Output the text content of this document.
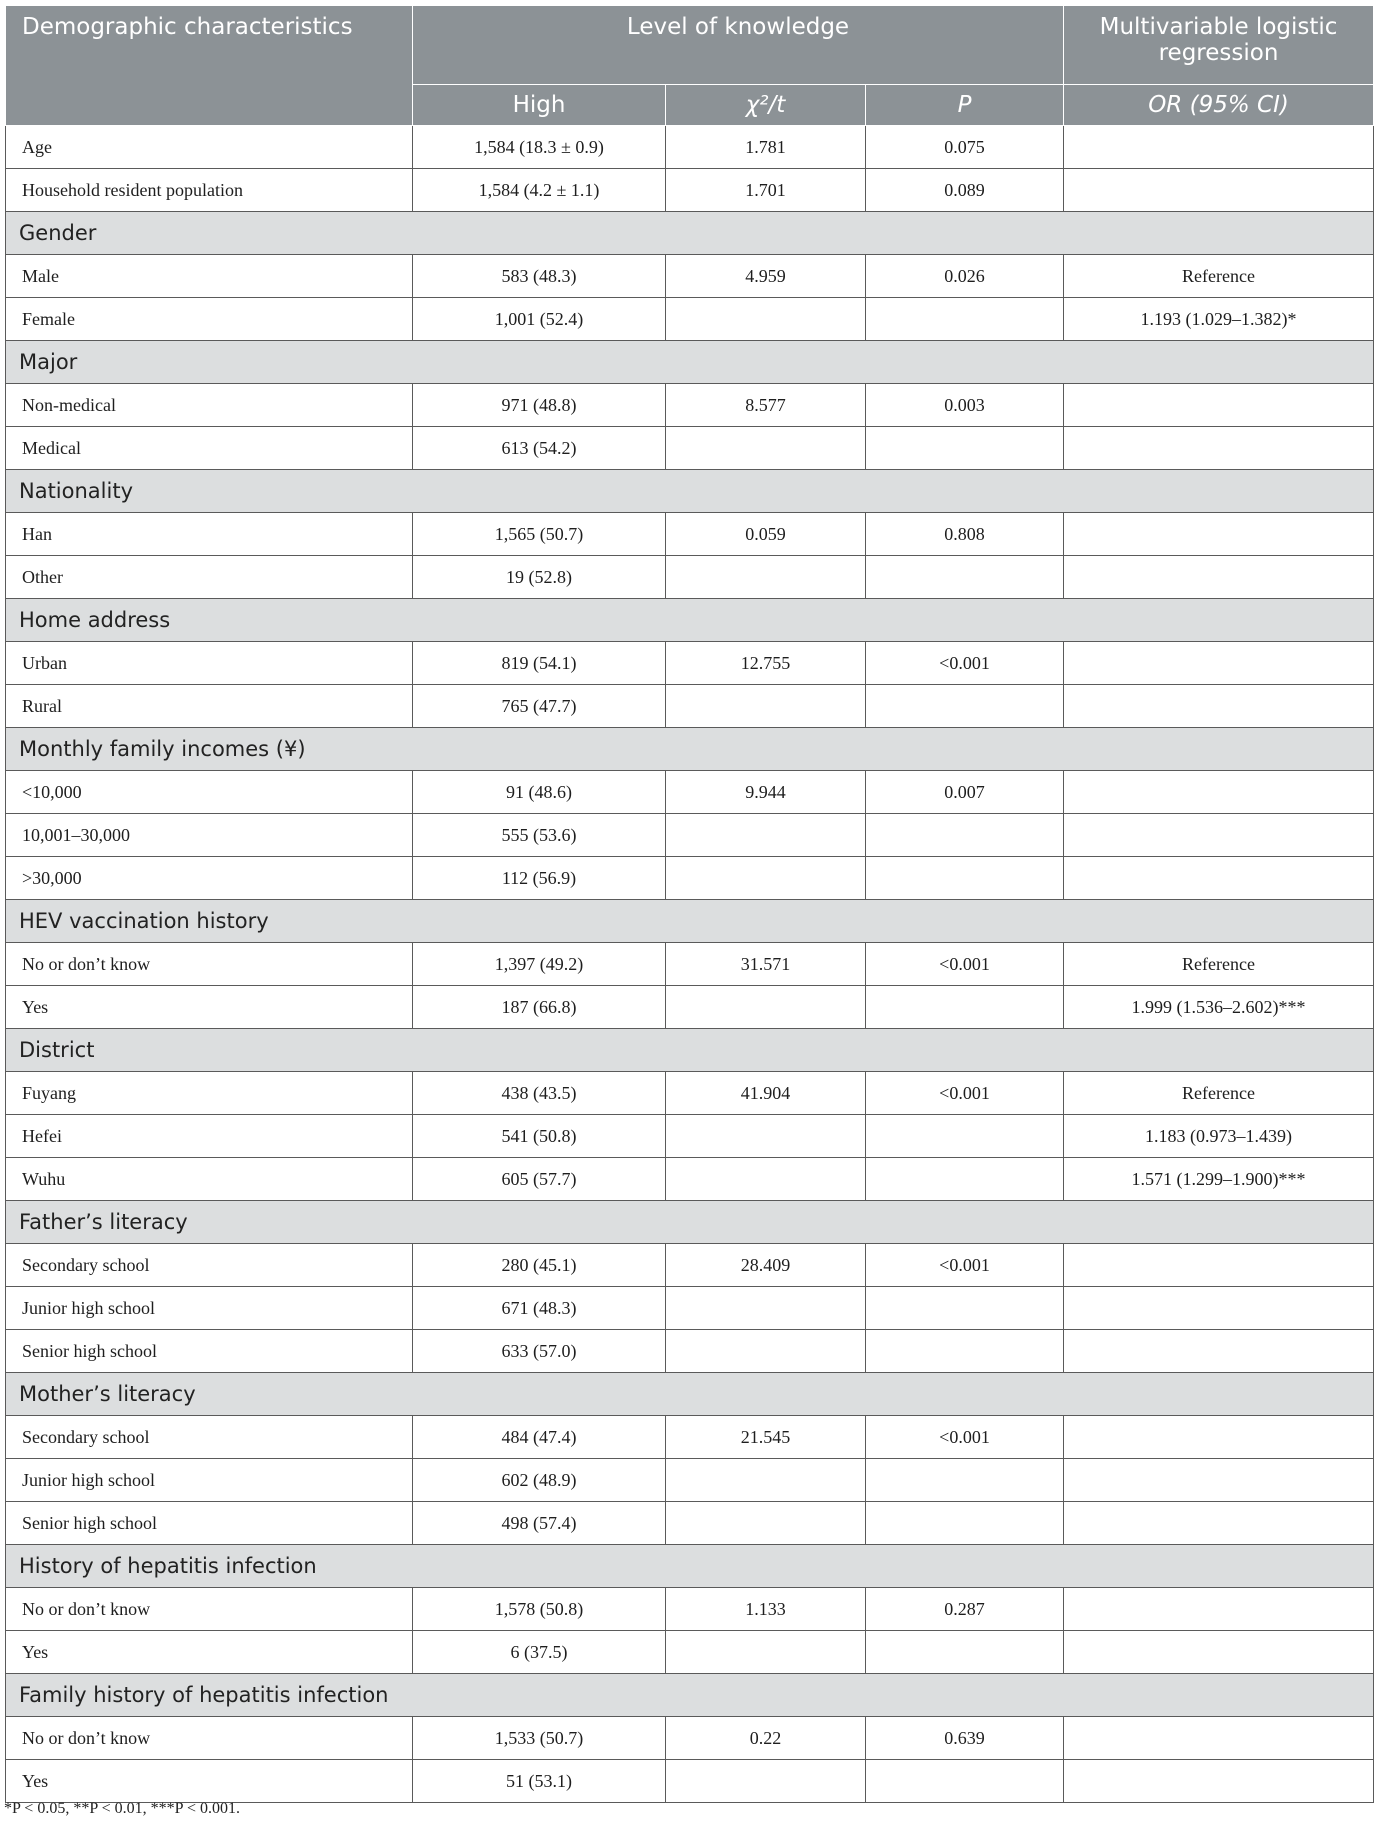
Demographic characteristics	Level of knowledge			Multivariable logistic regression
	High	χ²/t	P	OR (95% CI)
Age	1,584 (18.3 ± 0.9)	1.781	0.075	
Household resident population	1,584 (4.2 ± 1.1)	1.701	0.089	
Gender				
Male	583 (48.3)	4.959	0.026	Reference
Female	1,001 (52.4)			1.193 (1.029–1.382)*
Major				
Non-medical	971 (48.8)	8.577	0.003	
Medical	613 (54.2)			
Nationality				
Han	1,565 (50.7)	0.059	0.808	
Other	19 (52.8)			
Home address				
Urban	819 (54.1)	12.755	<0.001	
Rural	765 (47.7)			
Monthly family incomes (¥)				
<10,000	91 (48.6)	9.944	0.007	
10,001–30,000	555 (53.6)			
>30,000	112 (56.9)			
HEV vaccination history				
No or don’t know	1,397 (49.2)	31.571	<0.001	Reference
Yes	187 (66.8)			1.999 (1.536–2.602)***
District				
Fuyang	438 (43.5)	41.904	<0.001	Reference
Hefei	541 (50.8)			1.183 (0.973–1.439)
Wuhu	605 (57.7)			1.571 (1.299–1.900)***
Father’s literacy				
Secondary school	280 (45.1)	28.409	<0.001	
Junior high school	671 (48.3)			
Senior high school	633 (57.0)			
Mother’s literacy				
Secondary school	484 (47.4)	21.545	<0.001	
Junior high school	602 (48.9)			
Senior high school	498 (57.4)			
History of hepatitis infection				
No or don’t know	1,578 (50.8)	1.133	0.287	
Yes	6 (37.5)			
Family history of hepatitis infection				
No or don’t know	1,533 (50.7)	0.22	0.639	
Yes	51 (53.1)			
*P < 0.05, **P < 0.01, ***P < 0.001.
